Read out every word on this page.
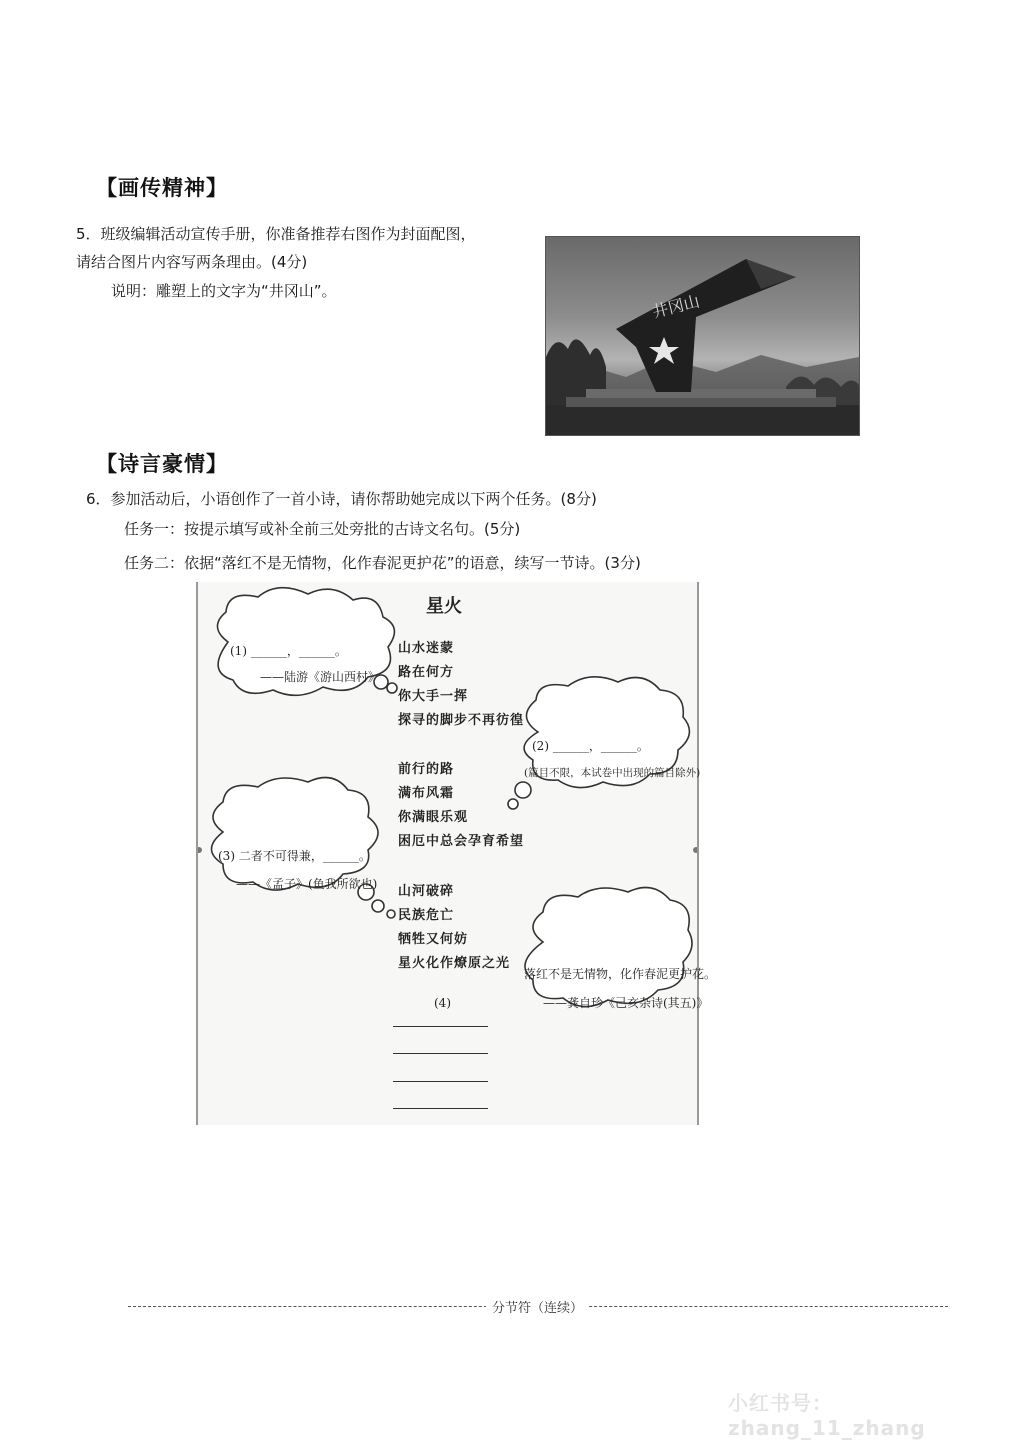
【画传精神】
5．班级编辑活动宣传手册，你准备推荐右图作为封面配图，
请结合图片内容写两条理由。(4分)
说明：雕塑上的文字为“井冈山”。
井冈山
【诗言豪情】
6．参加活动后，小语创作了一首小诗，请你帮助她完成以下两个任务。(8分)
任务一：按提示填写或补全前三处旁批的古诗文名句。(5分)
任务二：依据“落红不是无情物，化作春泥更护花”的语意，续写一节诗。(3分)
星火
山水迷蒙
路在何方
你大手一挥
探寻的脚步不再彷徨
前行的路
满布风霜
你满眼乐观
困厄中总会孕育希望
山河破碎
民族危亡
牺牲又何妨
星火化作燎原之光
(4)
(1) ______，______。
——陆游《游山西村》
(2) ______，______。
(篇目不限，本试卷中出现的篇目除外)
(3) 二者不可得兼，______。
——《孟子》(鱼我所欲也)
落红不是无情物，化作春泥更护花。
——龚自珍《己亥杂诗(其五)》
分节符（连续）
小红书号：zhang_11_zhang
